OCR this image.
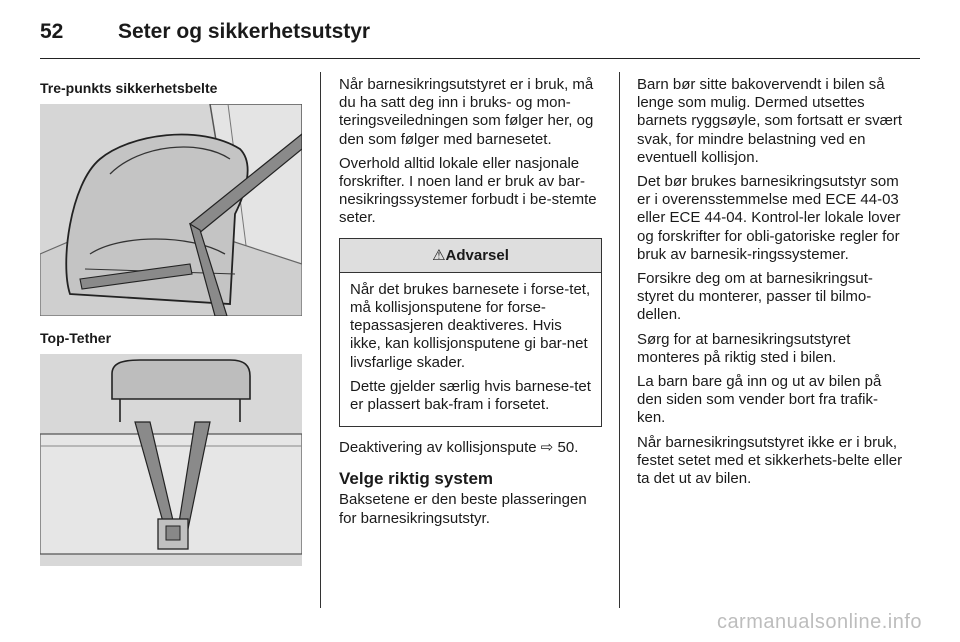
52	Seter og sikkerhetsutstyr
Tre-punkts sikkerhetsbelte
Top-Tether

Når barnesikringsutstyret er i bruk, må du ha satt deg inn i bruks- og mon-teringsveiledningen som følger her, og den som følger med barnesetet.

Overhold alltid lokale eller nasjonale forskrifter. I noen land er bruk av bar-nesikringssystemer forbudt i be-stemte seter.

⚠Advarsel

Når det brukes barnesete i forse-tet, må kollisjonsputene for forse-tepassasjeren deaktiveres. Hvis ikke, kan kollisjonsputene gi bar-net livsfarlige skader.

Dette gjelder særlig hvis barnese-tet er plassert bak-fram i forsetet.

Deaktivering av kollisjonspute ⇨ 50.

Velge riktig system

Baksetene er den beste plasseringen for barnesikringsutstyr.

Barn bør sitte bakovervendt i bilen så lenge som mulig. Dermed utsettes barnets ryggsøyle, som fortsatt er svært svak, for mindre belastning ved en eventuell kollisjon.

Det bør brukes barnesikringsutstyr som er i overensstemmelse med ECE 44-03 eller ECE 44-04. Kontrol-ler lokale lover og forskrifter for obli-gatoriske regler for bruk av barnesik-ringssystemer.

Forsikre deg om at barnesikringsut-styret du monterer, passer til bilmo-dellen.

Sørg for at barnesikringsutstyret monteres på riktig sted i bilen.

La barn bare gå inn og ut av bilen på den siden som vender bort fra trafik-ken.

Når barnesikringsutstyret ikke er i bruk, festet setet med et sikkerhets-belte eller ta det ut av bilen.

carmanualsonline.info
